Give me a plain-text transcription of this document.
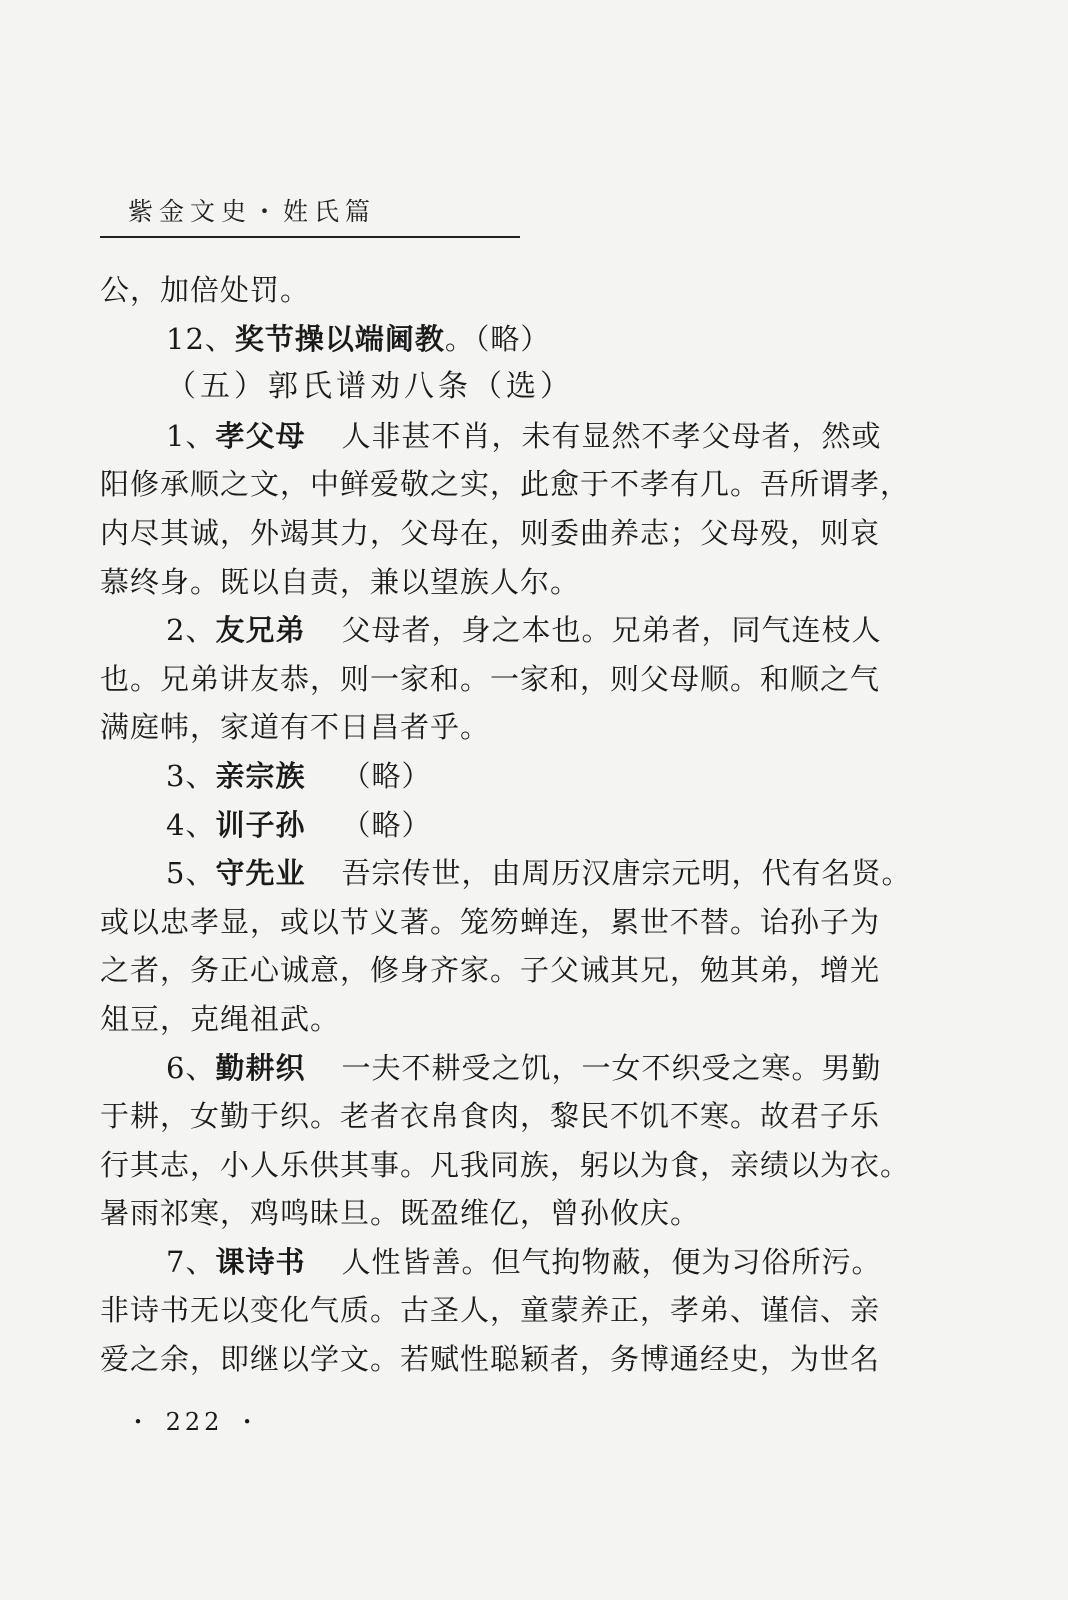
紫金文史・姓氏篇
公，加倍处罚。
12、奖节操以端阃教。（略）
（五）郭氏谱劝八条（选）
1、孝父母 人非甚不肖，未有显然不孝父母者，然或
阳修承顺之文，中鲜爱敬之实，此愈于不孝有几。吾所谓孝，
内尽其诚，外竭其力，父母在，则委曲养志；父母殁，则哀
慕终身。既以自责，兼以望族人尔。
2、友兄弟 父母者，身之本也。兄弟者，同气连枝人
也。兄弟讲友恭，则一家和。一家和，则父母顺。和顺之气
满庭帏，家道有不日昌者乎。
3、亲宗族 （略）
4、训子孙 （略）
5、守先业 吾宗传世，由周历汉唐宗元明，代有名贤。
或以忠孝显，或以节义著。笼笏蝉连，累世不替。诒孙子为
之者，务正心诚意，修身齐家。子父诫其兄，勉其弟，增光
俎豆，克绳祖武。
6、勤耕织 一夫不耕受之饥，一女不织受之寒。男勤
于耕，女勤于织。老者衣帛食肉，黎民不饥不寒。故君子乐
行其志，小人乐供其事。凡我同族，躬以为食，亲绩以为衣。
暑雨祁寒，鸡鸣昧旦。既盈维亿，曾孙攸庆。
7、课诗书 人性皆善。但气拘物蔽，便为习俗所污。
非诗书无以变化气质。古圣人，童蒙养正，孝弟、谨信、亲
爱之余，即继以学文。若赋性聪颖者，务博通经史，为世名
・ 222 ・
